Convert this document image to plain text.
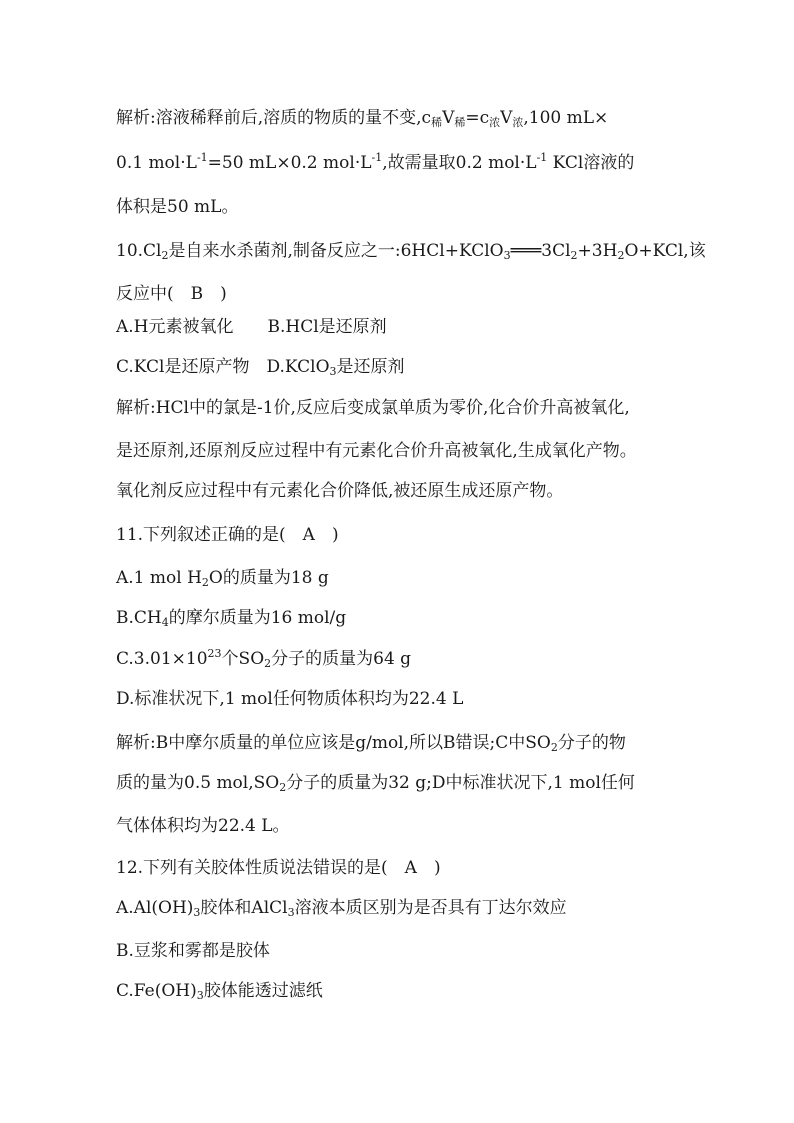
解析:溶液稀释前后,溶质的物质的量不变$,c_稀V_稀=c_浓V_浓,100$ mL×
0.1 $mol\cdot L^{-1}=50$ mL×0.2 $mol\cdot L^{-1}$,故需量取0.2 $mol\cdot L^{-1}$ KCl溶液的
体积是50 mL。
$10.Cl_2$是自来水杀菌剂,制备反应之一$:6HCl+KClO_3═══3Cl_2+3H_2O+KCl$,该
反应中(　B　)
A.H元素被氧化　　B.HCl是还原剂
C.KCl是还原产物　D.KClO$_3$是还原剂
解析:HCl中的氯是-1价,反应后变成氯单质为零价,化合价升高被氧化,
是还原剂,还原剂反应过程中有元素化合价升高被氧化,生成氧化产物。
氧化剂反应过程中有元素化合价降低,被还原生成还原产物。
11.下列叙述正确的是(　A　)
A.1 mol $H_2O$的质量为18 g
$B.CH_4$的摩尔质量为16 mol/g
$C.3.01\times 10^{23}$个$SO_2$分子的质量为64 g
D.标准状况下,1 mol任何物质体积均为22.4 L
解析:B中摩尔质量的单位应该是g/mol,所以B错误;C中$SO_2$分子的物
质的量为0.5 $mol,SO_2$分子的质量为32 g;D中标准状况下,1 mol任何
气体体积均为22.4 L。
12.下列有关胶体性质说法错误的是(　A　)
$A.Al(OH)_3$胶体和AlCl$_3$溶液本质区别为是否具有丁达尔效应
B.豆浆和雾都是胶体
$C.Fe(OH)_3$胶体能透过滤纸
